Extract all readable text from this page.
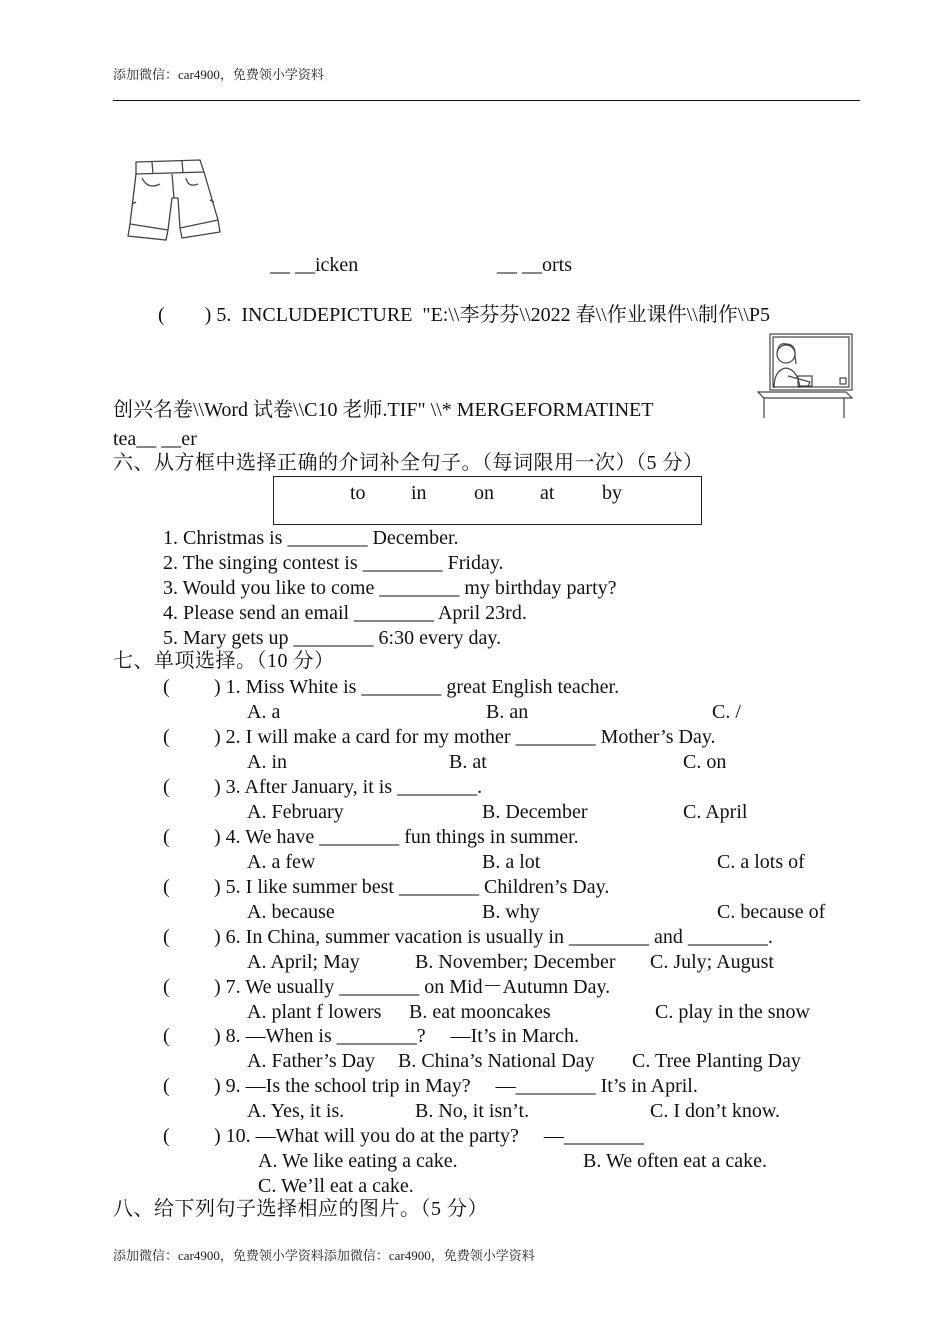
添加微信：car4900，免费领小学资料
__ __icken	__ __orts
(        ) 5.  INCLUDEPICTURE  "E:\\李芬芬\\2022 春\\作业课件\\制作\\P5
创兴名卷\\Word 试卷\\C10 老师.TIF" \\* MERGEFORMATINET
tea__ __er
六、从方框中选择正确的介词补全句子。（每词限用一次）（5 分）
to in on at by
1. Christmas is ________ December.
2. The singing contest is ________ Friday.
3. Would you like to come ________ my birthday party?
4. Please send an email ________ April 23rd.
5. Mary gets up ________ 6:30 every day.
七、单项选择。（10 分）
( ) 1. Miss White is ________ great English teacher.
A. a	B. an	C. /
( ) 2. I will make a card for my mother ________ Mother’s Day.
A. in	B. at	C. on
( ) 3. After January, it is ________.
A. February	B. December	C. April
( ) 4. We have ________ fun things in summer.
A. a few	B. a lot	C. a lots of
( ) 5. I like summer best ________ Children’s Day.
A. because	B. why	C. because of
( ) 6. In China, summer vacation is usually in ________ and ________.
A. April; May	B. November; December C. July; August
( ) 7. We usually ________ on Mid－Autumn Day.
A. plant f lowers B. eat mooncakes	C. play in the snow
( ) 8. —When is ________?　 —It’s in March.
A. Father’s Day B. China’s National Day C. Tree Planting Day
( ) 9. —Is the school trip in May?　 —________ It’s in April.
A. Yes, it is.	B. No, it isn’t.	C. I don’t know.
( ) 10. —What will you do at the party?　 —________
A. We like eating a cake.	B. We often eat a cake.
C. We’ll eat a cake.
八、给下列句子选择相应的图片。（5 分）
添加微信：car4900，免费领小学资料添加微信：car4900，免费领小学资料
